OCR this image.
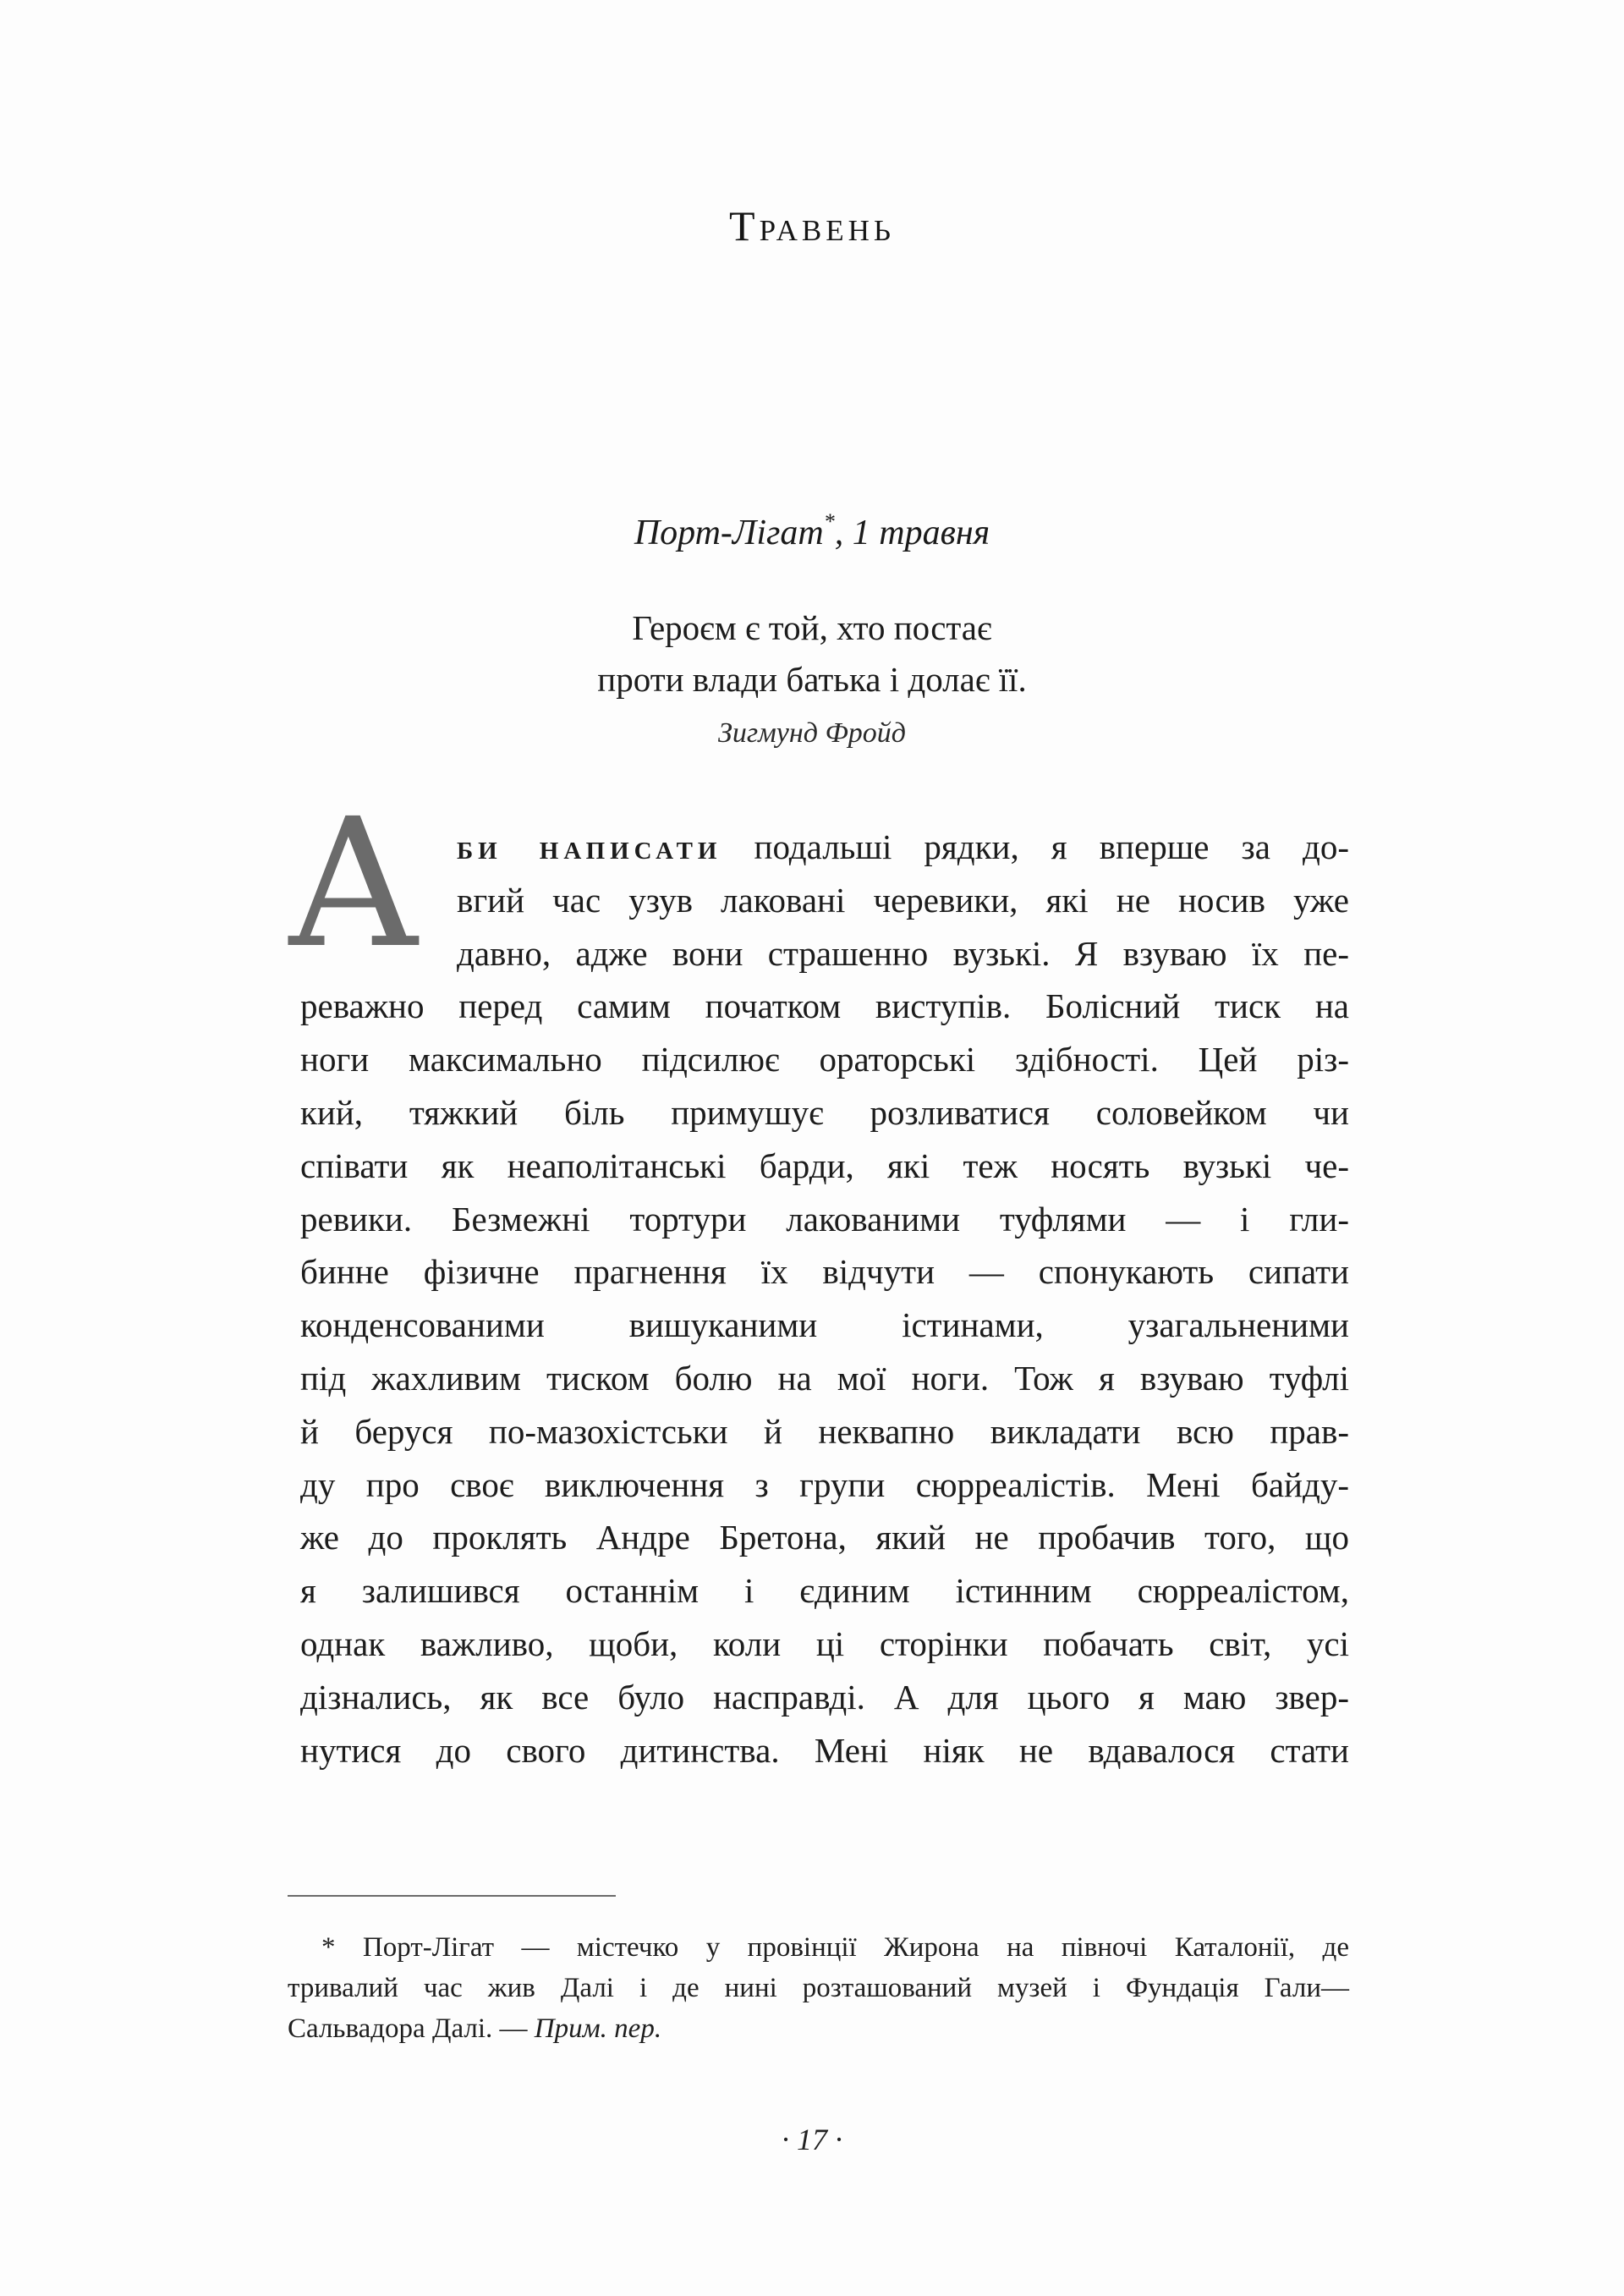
Травень
Порт-Лігат*, 1 травня
Героєм є той, хто постає
проти влади батька і долає її.
Зигмунд Фройд
А	би написати подальші рядки, я вперше за до-
вгий час узув лаковані черевики, які не носив уже
давно, адже вони страшенно вузькі. Я взуваю їх пе-
реважно перед самим початком виступів. Болісний тиск на
ноги максимально підсилює ораторські здібності. Цей різ-
кий, тяжкий біль примушує розливатися соловейком чи
співати як неаполітанські барди, які теж носять вузькі че-
ревики. Безмежні тортури лакованими туфлями — і гли-
бинне фізичне прагнення їх відчути — спонукають сипати
конденсованими вишуканими істинами, узагальненими
під жахливим тиском болю на мої ноги. Тож я взуваю туфлі
й беруся по-мазохістськи й неквапно викладати всю прав-
ду про своє виключення з групи сюрреалістів. Мені байду-
же до проклять Андре Бретона, який не пробачив того, що
я залишився останнім і єдиним істинним сюрреалістом,
однак важливо, щоби, коли ці сторінки побачать світ, усі
дізнались, як все було насправді. А для цього я маю звер-
нутися до свого дитинства. Мені ніяк не вдавалося стати
* Порт-Лігат — містечко у провінції Жирона на півночі Каталонії, де
тривалий час жив Далі і де нині розташований музей і Фундація Гали—
Сальвадора Далі. — Прим. пер.
· 17 ·
